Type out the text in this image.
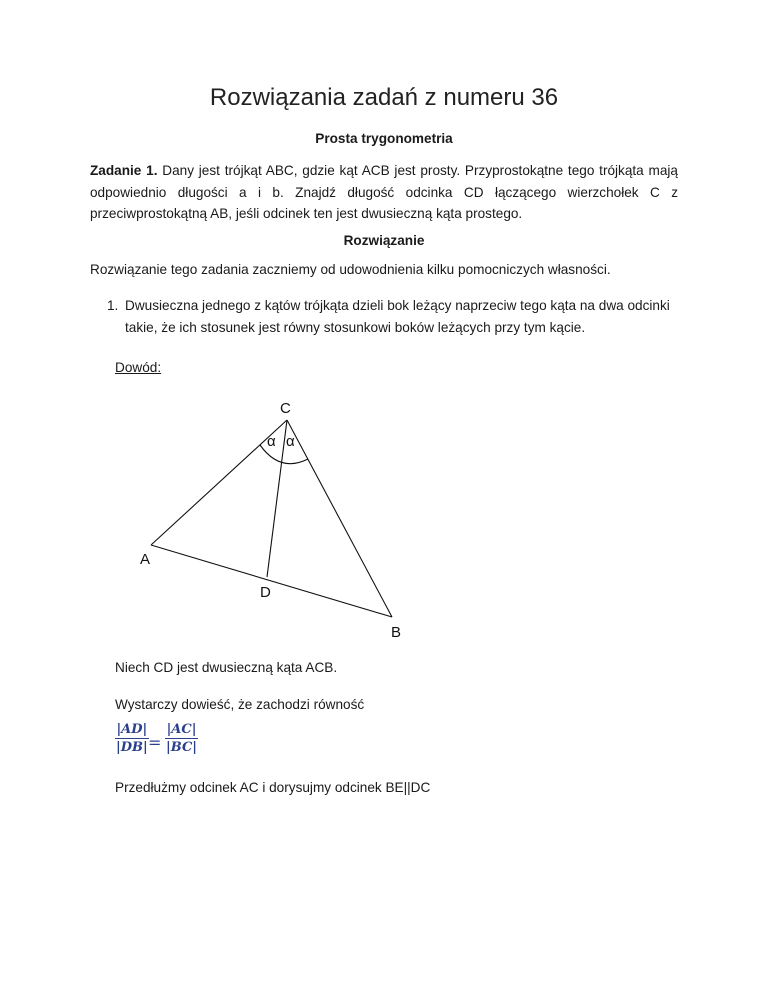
Rozwiązania zadań z numeru 36
Prosta trygonometria
Zadanie 1. Dany jest trójkąt ABC, gdzie kąt ACB jest prosty. Przyprostokątne tego trójkąta mają odpowiednio długości a i b. Znajdź długość odcinka CD łączącego wierzchołek C z przeciwprostokątną AB, jeśli odcinek ten jest dwusieczną kąta prostego.
Rozwiązanie
Rozwiązanie tego zadania zaczniemy od udowodnienia kilku pomocniczych własności.
1. Dwusieczna jednego z kątów trójkąta dzieli bok leżący naprzeciw tego kąta na dwa odcinki takie, że ich stosunek jest równy stosunkowi boków leżących przy tym kącie.
Dowód:
C
A
D
B
α α
Niech CD jest dwusieczną kąta ACB.
Wystarczy dowieść, że zachodzi równość
|AD|
|DB| =
|AC|
|BC|
Przedłużmy odcinek AC i dorysujmy odcinek BE||DC
